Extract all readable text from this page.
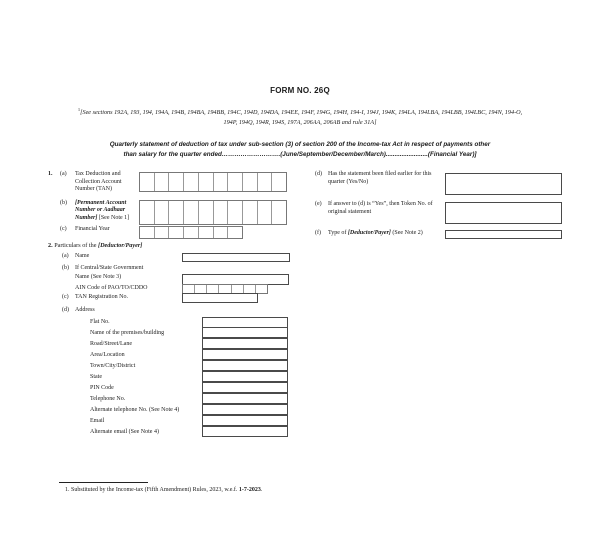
FORM NO. 26Q
$^1$[See sections 192A, 193, 194, 194A, 194B, 194BA, 194BB, 194C, 194D, 194DA, 194EE, 194F, 194G, 194H, 194-I, 194J, 194K, 194LA, 194LBA, 194LBB, 194LBC, 194N, 194-O,
194P, 194Q, 194R, 194S, 197A, 206AA, 206AB and rule 31A]
Quarterly statement of deduction of tax under sub-section (3) of section 200 of the Income-tax Act in respect of payments other
than salary for the quarter ended……………………….(June/September/December/March)........................(Financial Year)]
1.	(a)	Tax Deduction and Collection Account Number (TAN)
(b)	[Permanent Account Number or Aadhaar Number] [See Note 1]
(c)	Financial Year
(d)	Has the statement been filed earlier for this quarter (Yes/No)
(e)	If answer to (d) is “Yes”, then Token No. of original statement
(f)	Type of [Deductor/Payer] (See Note 2)
2. Particulars of the [Deductor/Payer]
(a)	Name
(b)	If Central/State Government
Name (See Note 3)
AIN Code of PAO/TO/CDDO
(c)	TAN Registration No.
(d)	Address
Flat No.
Name of the premises/building
Road/Street/Lane
Area/Location
Town/City/District
State
PIN Code
Telephone No.
Alternate telephone No. (See Note 4)
Email
Alternate email (See Note 4)
1. Substituted by the Income-tax (Fifth Amendment) Rules, 2023, w.e.f. 1-7-2023.
